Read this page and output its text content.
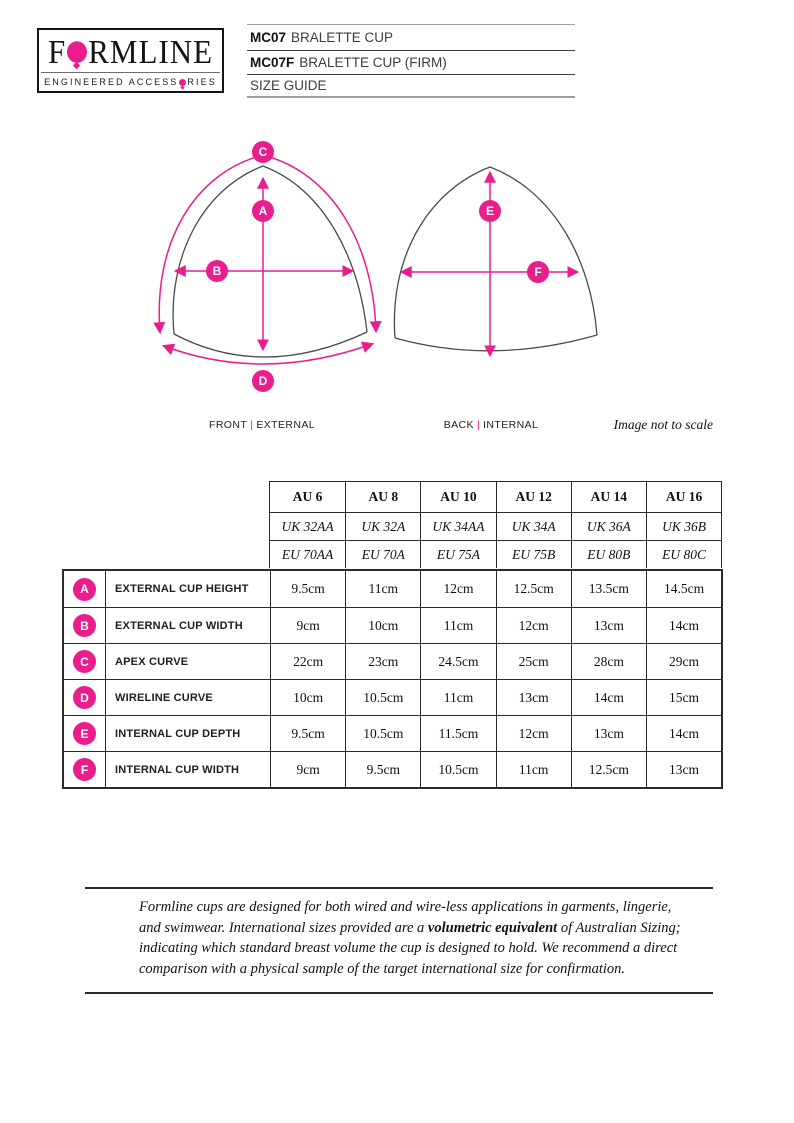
F RMLINE
ENGINEERED ACCESS RIES
MC07 BRALETTE CUP
MC07F BRALETTE CUP (FIRM)
SIZE GUIDE
C
A
B
D
E
F
FRONT | EXTERNAL	BACK | INTERNAL	Image not to scale
AU 6	AU 8	AU 10	AU 12	AU 14	AU 16
UK 32AA	UK 32A	UK 34AA	UK 34A	UK 36A	UK 36B
EU 70AA	EU 70A	EU 75A	EU 75B	EU 80B	EU 80C
A	EXTERNAL CUP HEIGHT	9.5cm	11cm	12cm	12.5cm	13.5cm	14.5cm
B	EXTERNAL CUP WIDTH	9cm	10cm	11cm	12cm	13cm	14cm
C	APEX CURVE	22cm	23cm	24.5cm	25cm	28cm	29cm
D	WIRELINE CURVE	10cm	10.5cm	11cm	13cm	14cm	15cm
E	INTERNAL CUP DEPTH	9.5cm	10.5cm	11.5cm	12cm	13cm	14cm
F	INTERNAL CUP WIDTH	9cm	9.5cm	10.5cm	11cm	12.5cm	13cm

Formline cups are designed for both wired and wire-less applications in garments, lingerie, and swimwear. International sizes provided are a volumetric equivalent of Australian Sizing; indicating which standard breast volume the cup is designed to hold. We recommend a direct comparison with a physical sample of the target international size for confirmation.
